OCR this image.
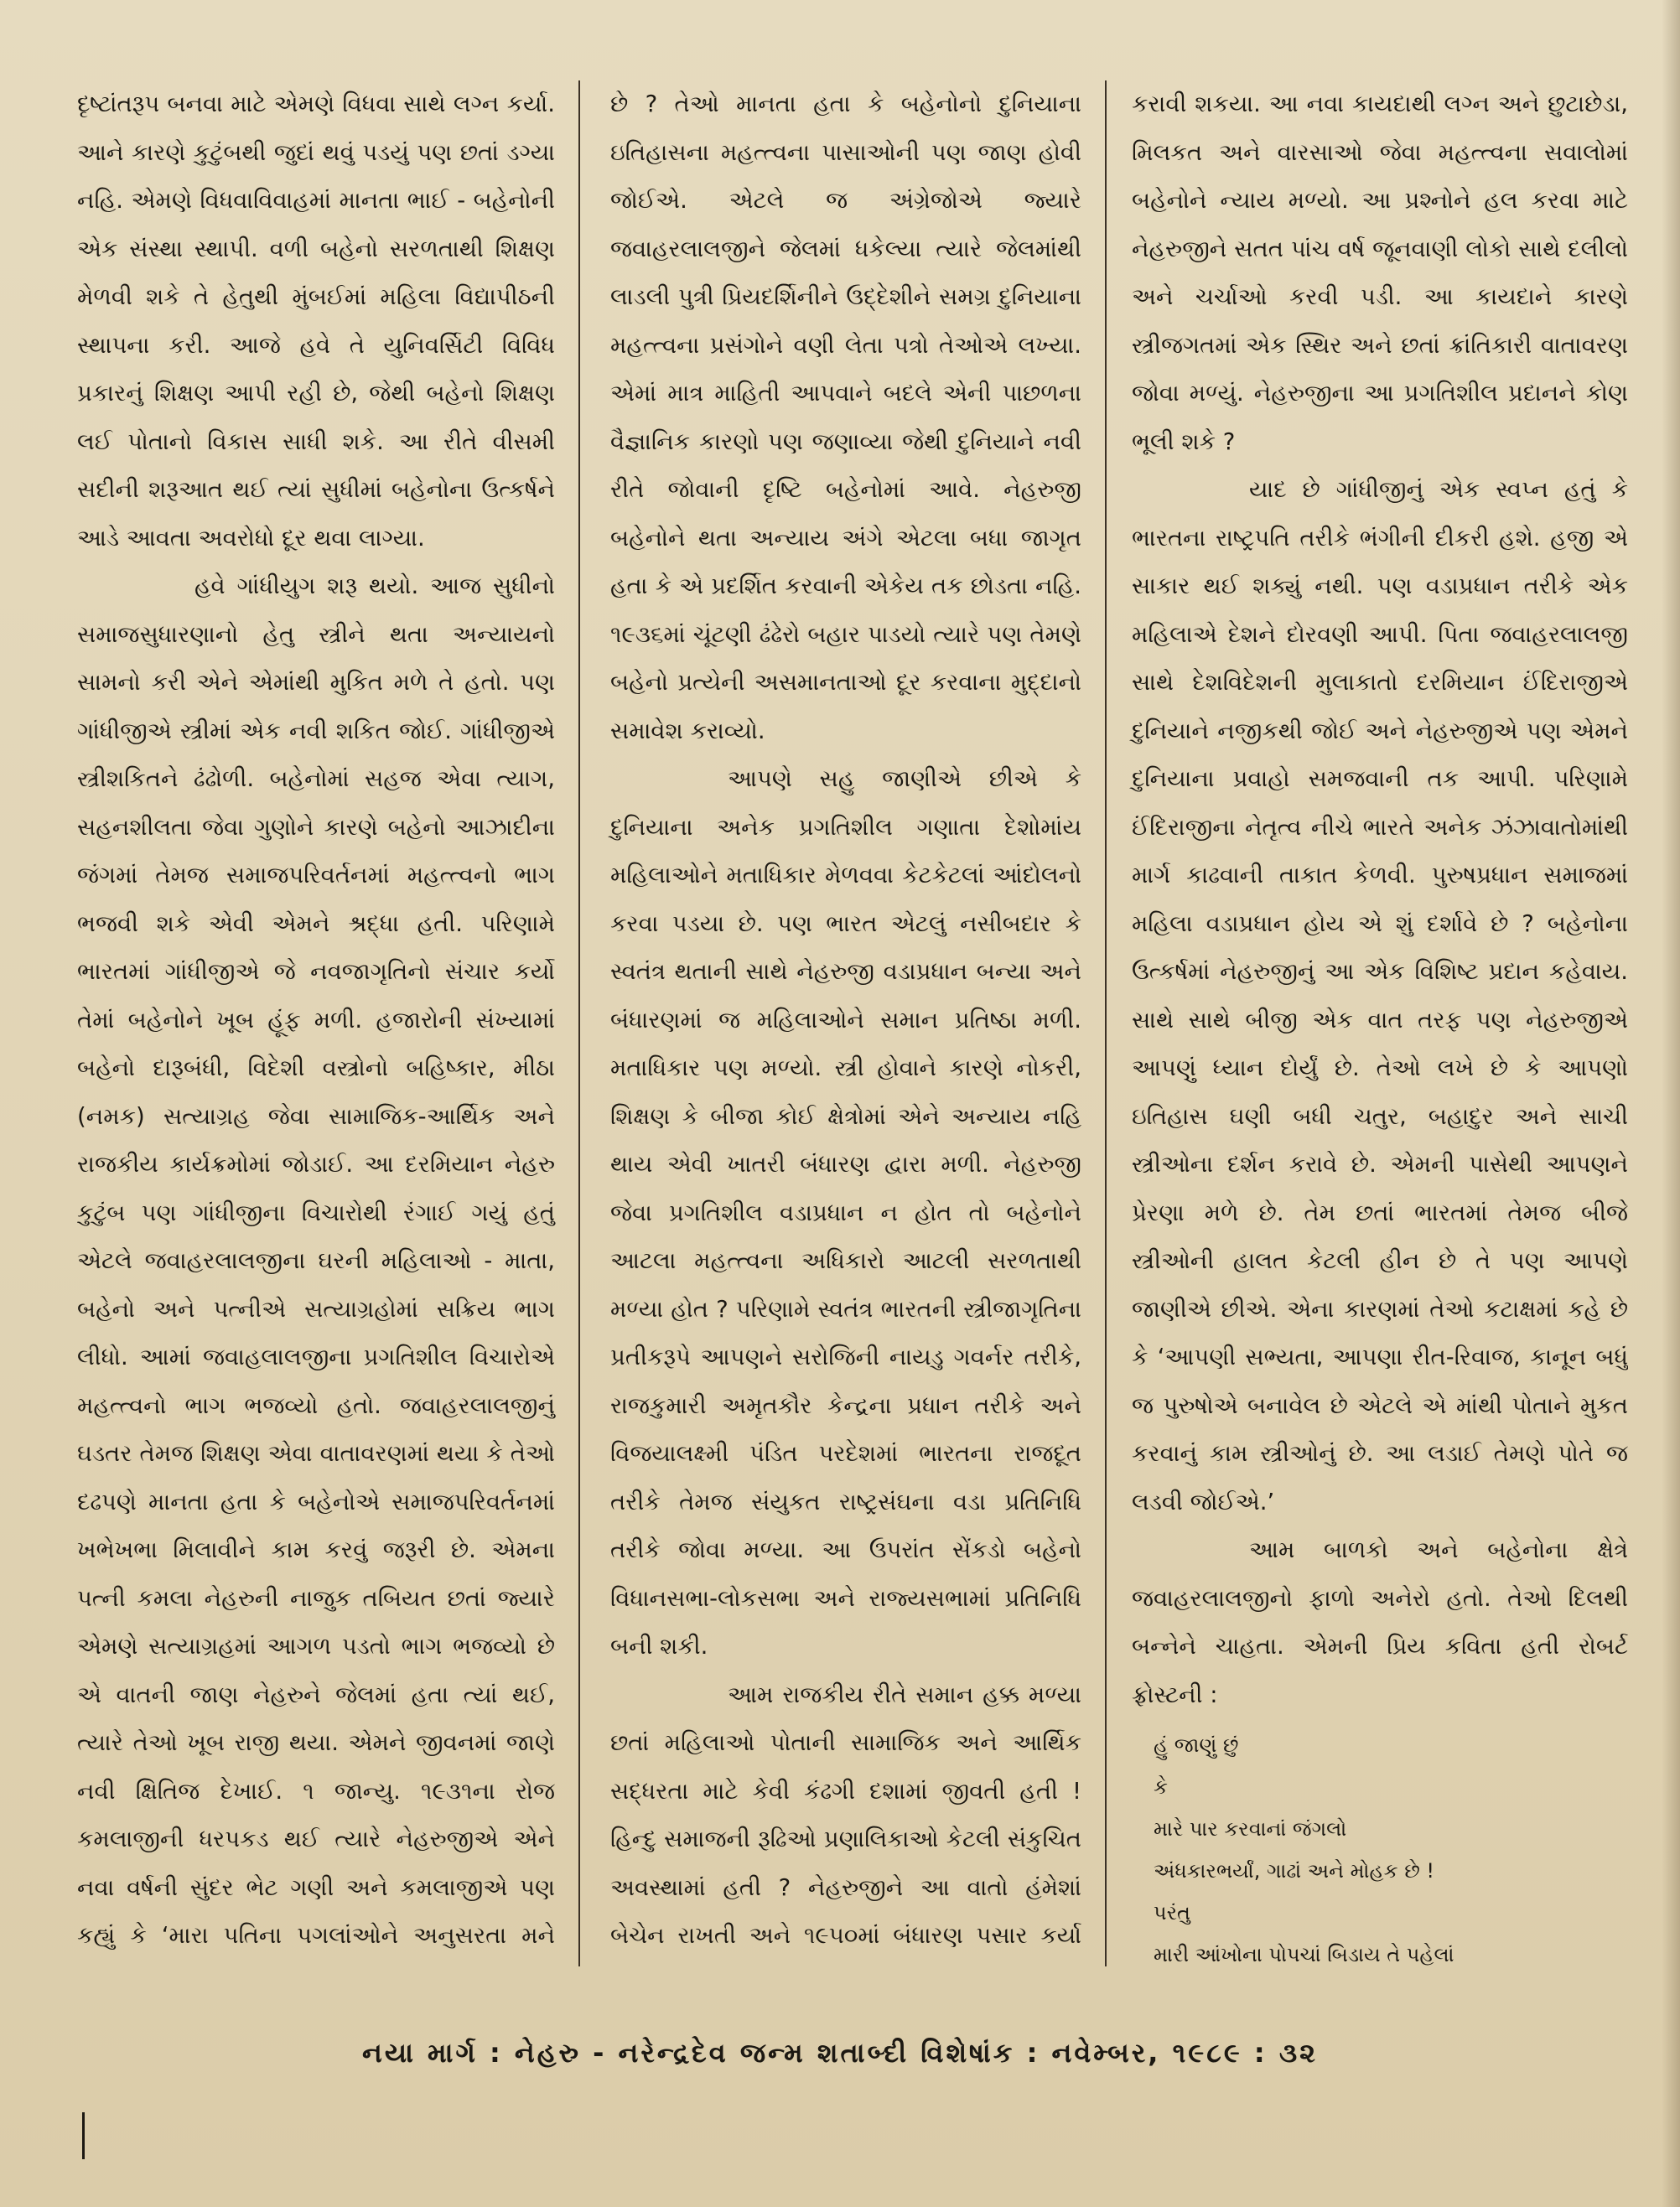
દૃષ્ટાંતરૂપ બનવા માટે એમણે વિધવા સાથે લગ્ન કર્યા. આને કારણે કુટુંબથી જુદાં થવું પડયું પણ છતાં ડગ્યા નહિ. એમણે વિધવાવિવાહમાં માનતા ભાઈ - બહેનોની એક સંસ્થા સ્થાપી. વળી બહેનો સરળતાથી શિક્ષણ મેળવી શકે તે હેતુથી મુંબઈમાં મહિલા વિદ્યાપીઠની સ્થાપના કરી. આજે હવે તે યુનિવર્સિટી વિવિધ પ્રકારનું શિક્ષણ આપી રહી છે, જેથી બહેનો શિક્ષણ લઈ પોતાનો વિકાસ સાધી શકે. આ રીતે વીસમી સદીની શરૂઆત થઈ ત્યાં સુધીમાં બહેનોના ઉત્કર્ષને આડે આવતા અવરોધો દૂર થવા લાગ્યા.

હવે ગાંધીયુગ શરૂ થયો. આજ સુધીનો સમાજસુધારણાનો હેતુ સ્ત્રીને થતા અન્યાયનો સામનો કરી એને એમાંથી મુકિત મળે તે હતો. પણ ગાંધીજીએ સ્ત્રીમાં એક નવી શકિત જોઈ. ગાંધીજીએ સ્ત્રીશકિતને ઢંઢોળી. બહેનોમાં સહજ એવા ત્યાગ, સહનશીલતા જેવા ગુણોને કારણે બહેનો આઝાદીના જંગમાં તેમજ સમાજપરિવર્તનમાં મહત્ત્વનો ભાગ ભજવી શકે એવી એમને શ્રદ્ધા હતી. પરિણામે ભારતમાં ગાંધીજીએ જે નવજાગૃતિનો સંચાર કર્યો તેમાં બહેનોને ખૂબ હૂંફ મળી. હજારોની સંખ્યામાં બહેનો દારૂબંધી, વિદેશી વસ્ત્રોનો બહિષ્કાર, મીઠા (નમક) સત્યાગ્રહ જેવા સામાજિક-આર્થિક અને રાજકીય કાર્યક્રમોમાં જોડાઈ. આ દરમિયાન નેહરુ કુટુંબ પણ ગાંધીજીના વિચારોથી રંગાઈ ગયું હતું એટલે જવાહરલાલજીના ઘરની મહિલાઓ - માતા, બહેનો અને પત્નીએ સત્યાગ્રહોમાં સક્રિય ભાગ લીધો. આમાં જવાહલાલજીના પ્રગતિશીલ વિચારોએ મહત્ત્વનો ભાગ ભજવ્યો હતો. જવાહરલાલજીનું ઘડતર તેમજ શિક્ષણ એવા વાતાવરણમાં થયા કે તેઓ દઢપણે માનતા હતા કે બહેનોએ સમાજપરિવર્તનમાં ખભેખભા મિલાવીને કામ કરવું જરૂરી છે. એમના પત્ની કમલા નેહરુની નાજુક તબિયત છતાં જ્યારે એમણે સત્યાગ્રહમાં આગળ પડતો ભાગ ભજવ્યો છે એ વાતની જાણ નેહરુને જેલમાં હતા ત્યાં થઈ, ત્યારે તેઓ ખૂબ રાજી થયા. એમને જીવનમાં જાણે નવી ક્ષિતિજ દેખાઈ. ૧ જાન્યુ. ૧૯૩૧ના રોજ કમલાજીની ધરપકડ થઈ ત્યારે નેહરુજીએ એને નવા વર્ષની સુંદર ભેટ ગણી અને કમલાજીએ પણ કહ્યું કે ‘મારા પતિના પગલાંઓને અનુસરતા મને

છે ? તેઓ માનતા હતા કે બહેનોનો દુનિયાના ઇતિહાસના મહત્ત્વના પાસાઓની પણ જાણ હોવી જોઈએ. એટલે જ અંગ્રેજોએ જ્યારે જવાહરલાલજીને જેલમાં ધકેલ્યા ત્યારે જેલમાંથી લાડલી પુત્રી પ્રિયદર્શિનીને ઉદ્દેશીને સમગ્ર દુનિયાના મહત્ત્વના પ્રસંગોને વણી લેતા પત્રો તેઓએ લખ્યા. એમાં માત્ર માહિતી આપવાને બદલે એની પાછળના વૈજ્ઞાનિક કારણો પણ જણાવ્યા જેથી દુનિયાને નવી રીતે જોવાની દૃષ્ટિ બહેનોમાં આવે. નેહરુજી બહેનોને થતા અન્યાય અંગે એટલા બધા જાગૃત હતા કે એ પ્રદર્શિત કરવાની એકેય તક છોડતા નહિ. ૧૯૩૬માં ચૂંટણી ઢંઢેરો બહાર પાડયો ત્યારે પણ તેમણે બહેનો પ્રત્યેની અસમાનતાઓ દૂર કરવાના મુદ્દાનો સમાવેશ કરાવ્યો.

આપણે સહુ જાણીએ છીએ કે દુનિયાના અનેક પ્રગતિશીલ ગણાતા દેશોમાંય મહિલાઓને મતાધિકાર મેળવવા કેટકેટલાં આંદોલનો કરવા પડયા છે. પણ ભારત એટલું નસીબદાર કે સ્વતંત્ર થતાની સાથે નેહરુજી વડાપ્રધાન બન્યા અને બંધારણમાં જ મહિલાઓને સમાન પ્રતિષ્ઠા મળી. મતાધિકાર પણ મળ્યો. સ્ત્રી હોવાને કારણે નોકરી, શિક્ષણ કે બીજા કોઈ ક્ષેત્રોમાં એને અન્યાય નહિ થાય એવી ખાતરી બંધારણ દ્વારા મળી. નેહરુજી જેવા પ્રગતિશીલ વડાપ્રધાન ન હોત તો બહેનોને આટલા મહત્ત્વના અધિકારો આટલી સરળતાથી મળ્યા હોત ? પરિણામે સ્વતંત્ર ભારતની સ્ત્રીજાગૃતિના પ્રતીકરૂપે આપણને સરોજિની નાયડુ ગવર્નર તરીકે, રાજકુમારી અમૃતકૌર કેન્દ્રના પ્રધાન તરીકે અને વિજયાલક્ષ્મી પંડિત પરદેશમાં ભારતના રાજદૂત તરીકે તેમજ સંયુકત રાષ્ટ્રસંઘના વડા પ્રતિનિધિ તરીકે જોવા મળ્યા. આ ઉપરાંત સેંકડો બહેનો વિધાનસભા-લોકસભા અને રાજ્યસભામાં પ્રતિનિધિ બની શકી.

આમ રાજકીય રીતે સમાન હક્ક મળ્યા છતાં મહિલાઓ પોતાની સામાજિક અને આર્થિક સદ્ધરતા માટે કેવી કંઢગી દશામાં જીવતી હતી ! હિન્દુ સમાજની રૂઢિઓ પ્રણાલિકાઓ કેટલી સંકુચિત અવસ્થામાં હતી ? નેહરુજીને આ વાતો હંમેશાં બેચેન રાખતી અને ૧૯૫૦માં બંધારણ પસાર કર્યા

કરાવી શકયા. આ નવા કાયદાથી લગ્ન અને છુટાછેડા, મિલકત અને વારસાઓ જેવા મહત્ત્વના સવાલોમાં બહેનોને ન્યાય મળ્યો. આ પ્રશ્નોને હલ કરવા માટે નેહરુજીને સતત પાંચ વર્ષ જૂનવાણી લોકો સાથે દલીલો અને ચર્ચાઓ કરવી પડી. આ કાયદાને કારણે સ્ત્રીજગતમાં એક સ્થિર અને છતાં ક્રાંતિકારી વાતાવરણ જોવા મળ્યું. નેહરુજીના આ પ્રગતિશીલ પ્રદાનને કોણ ભૂલી શકે ?

યાદ છે ગાંધીજીનું એક સ્વપ્ન હતું કે ભારતના રાષ્ટ્રપતિ તરીકે ભંગીની દીકરી હશે. હજી એ સાકાર થઈ શક્યું નથી. પણ વડાપ્રધાન તરીકે એક મહિલાએ દેશને દોરવણી આપી. પિતા જવાહરલાલજી સાથે દેશવિદેશની મુલાકાતો દરમિયાન ઈંદિરાજીએ દુનિયાને નજીકથી જોઈ અને નેહરુજીએ પણ એમને દુનિયાના પ્રવાહો સમજવાની તક આપી. પરિણામે ઈંદિરાજીના નેતૃત્વ નીચે ભારતે અનેક ઝંઝાવાતોમાંથી માર્ગ કાઢવાની તાકાત કેળવી. પુરુષપ્રધાન સમાજમાં મહિલા વડાપ્રધાન હોય એ શું દર્શાવે છે ? બહેનોના ઉત્કર્ષમાં નેહરુજીનું આ એક વિશિષ્ટ પ્રદાન કહેવાય. સાથે સાથે બીજી એક વાત તરફ પણ નેહરુજીએ આપણું ધ્યાન દોર્યું છે. તેઓ લખે છે કે આપણો ઇતિહાસ ઘણી બધી ચતુર, બહાદુર અને સાચી સ્ત્રીઓના દર્શન કરાવે છે. એમની પાસેથી આપણને પ્રેરણા મળે છે. તેમ છતાં ભારતમાં તેમજ બીજે સ્ત્રીઓની હાલત કેટલી હીન છે તે પણ આપણે જાણીએ છીએ. એના કારણમાં તેઓ કટાક્ષમાં કહે છે કે ‘આપણી સભ્યતા, આપણા રીત-રિવાજ, કાનૂન બધું જ પુરુષોએ બનાવેલ છે એટલે એ માંથી પોતાને મુકત કરવાનું કામ સ્ત્રીઓનું છે. આ લડાઈ તેમણે પોતે જ લડવી જોઈએ.’

આમ બાળકો અને બહેનોના ક્ષેત્રે જવાહરલાલજીનો ફાળો અનેરો હતો. તેઓ દિલથી બન્નેને ચાહતા. એમની પ્રિય કવિતા હતી રોબર્ટ ફ્રોસ્ટની :

હું જાણું છું
કે
મારે પાર કરવાનાં જંગલો
અંધકારભર્યાં, ગાઢાં અને મોહક છે !
પરંતુ
મારી આંખોના પોપચાં બિડાય તે પહેલાં
નયા માર્ગ : નેહરુ - નરેન્દ્રદેવ જન્મ શતાબ્દી વિશેષાંક : નવેમ્બર, ૧૯૮૯ : ૩૨
